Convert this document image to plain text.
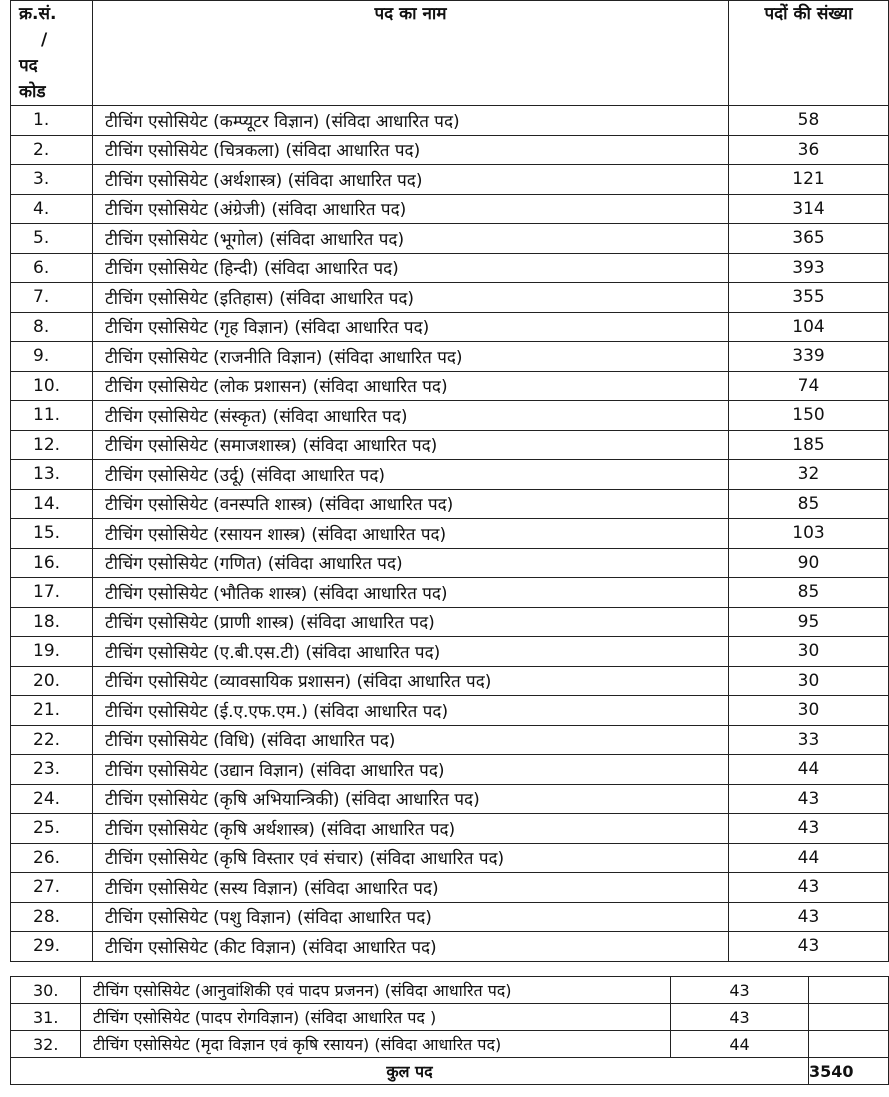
क्र.सं.
/
पद
कोड	पद का नाम	पदों की संख्या
1.	टीचिंग एसोसियेट (कम्प्यूटर विज्ञान) (संविदा आधारित पद)	58
2.	टीचिंग एसोसियेट (चित्रकला) (संविदा आधारित पद)	36
3.	टीचिंग एसोसियेट (अर्थशास्त्र) (संविदा आधारित पद)	121
4.	टीचिंग एसोसियेट (अंग्रेजी) (संविदा आधारित पद)	314
5.	टीचिंग एसोसियेट (भूगोल) (संविदा आधारित पद)	365
6.	टीचिंग एसोसियेट (हिन्दी) (संविदा आधारित पद)	393
7.	टीचिंग एसोसियेट (इतिहास) (संविदा आधारित पद)	355
8.	टीचिंग एसोसियेट (गृह विज्ञान) (संविदा आधारित पद)	104
9.	टीचिंग एसोसियेट (राजनीति विज्ञान) (संविदा आधारित पद)	339
10.	टीचिंग एसोसियेट (लोक प्रशासन) (संविदा आधारित पद)	74
11.	टीचिंग एसोसियेट (संस्कृत) (संविदा आधारित पद)	150
12.	टीचिंग एसोसियेट (समाजशास्त्र) (संविदा आधारित पद)	185
13.	टीचिंग एसोसियेट (उर्दू) (संविदा आधारित पद)	32
14.	टीचिंग एसोसियेट (वनस्पति शास्त्र) (संविदा आधारित पद)	85
15.	टीचिंग एसोसियेट (रसायन शास्त्र) (संविदा आधारित पद)	103
16.	टीचिंग एसोसियेट (गणित) (संविदा आधारित पद)	90
17.	टीचिंग एसोसियेट (भौतिक शास्त्र) (संविदा आधारित पद)	85
18.	टीचिंग एसोसियेट (प्राणी शास्त्र) (संविदा आधारित पद)	95
19.	टीचिंग एसोसियेट (ए.बी.एस.टी) (संविदा आधारित पद)	30
20.	टीचिंग एसोसियेट (व्यावसायिक प्रशासन) (संविदा आधारित पद)	30
21.	टीचिंग एसोसियेट (ई.ए.एफ.एम.) (संविदा आधारित पद)	30
22.	टीचिंग एसोसियेट (विधि) (संविदा आधारित पद)	33
23.	टीचिंग एसोसियेट (उद्यान विज्ञान) (संविदा आधारित पद)	44
24.	टीचिंग एसोसियेट (कृषि अभियान्त्रिकी) (संविदा आधारित पद)	43
25.	टीचिंग एसोसियेट (कृषि अर्थशास्त्र) (संविदा आधारित पद)	43
26.	टीचिंग एसोसियेट (कृषि विस्तार एवं संचार) (संविदा आधारित पद)	44
27.	टीचिंग एसोसियेट (सस्य विज्ञान) (संविदा आधारित पद)	43
28.	टीचिंग एसोसियेट (पशु विज्ञान) (संविदा आधारित पद)	43
29.	टीचिंग एसोसियेट (कीट विज्ञान) (संविदा आधारित पद)	43
30.	टीचिंग एसोसियेट (आनुवांशिकी एवं पादप प्रजनन) (संविदा आधारित पद)	43	
31.	टीचिंग एसोसियेट (पादप रोगविज्ञान) (संविदा आधारित पद )	43	
32.	टीचिंग एसोसियेट (मृदा विज्ञान एवं कृषि रसायन) (संविदा आधारित पद)	44	
कुल पद			3540
